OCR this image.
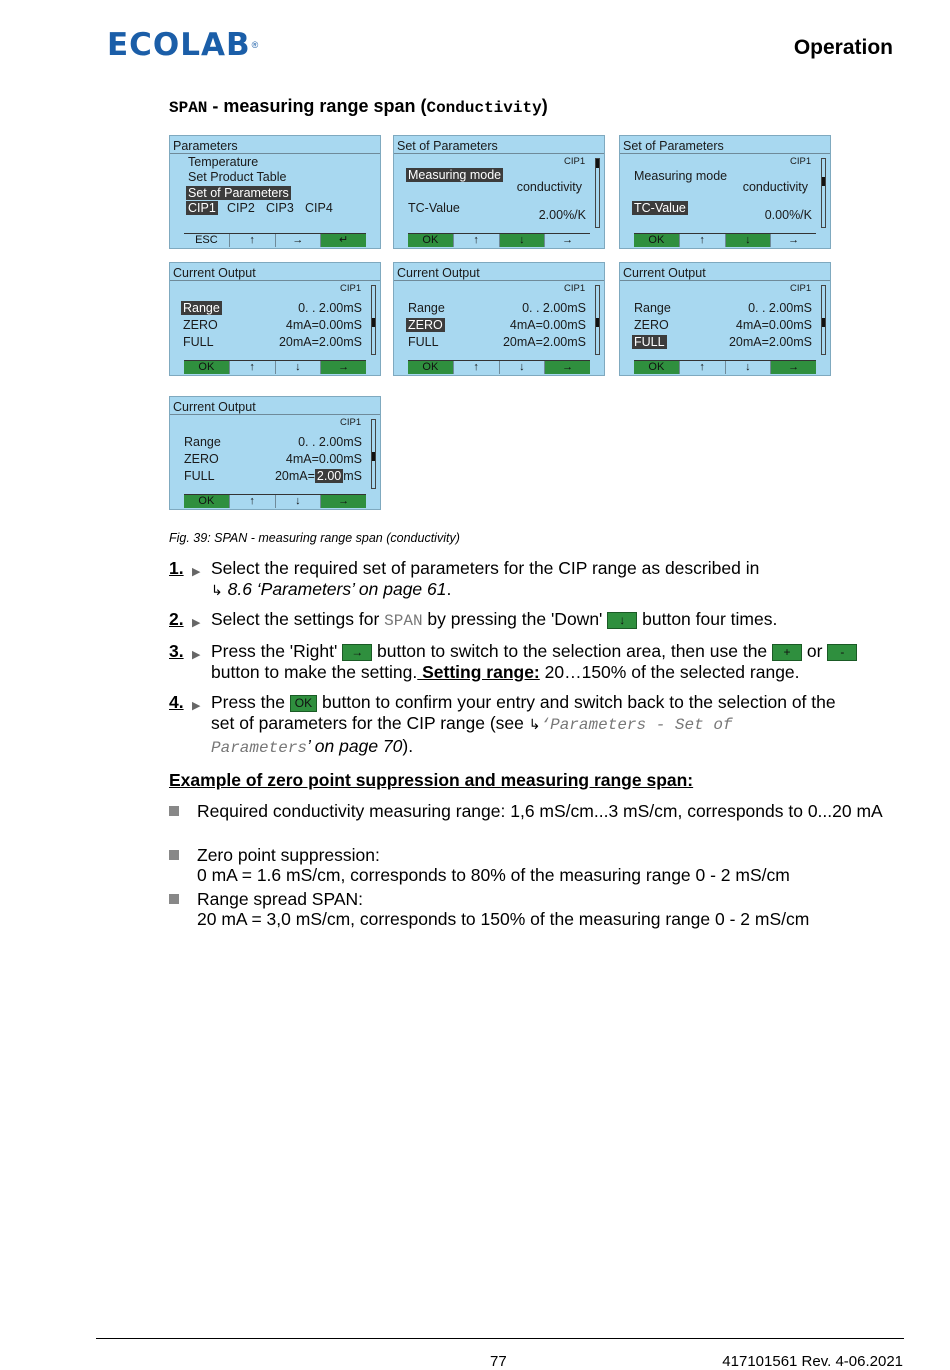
ECOLAB ®	Operation
SPAN - measuring range span (Conductivity)
Parameters
Temperature
Set Product Table
Set of Parameters
CIP1 CIP2 CIP3 CIP4
ESC	↑	→	↵
Set of Parameters
CIP1
Measuring mode
conductivity
TC-Value	2.00%/K
OK	↑	↓	→
Set of Parameters
CIP1
Measuring mode
conductivity
TC-Value	0.00%/K
OK	↑	↓	→
Current Output
CIP1
Range	0. . 2.00mS
ZERO	4mA=0.00mS
FULL	20mA=2.00mS
OK	↑	↓	→
Current Output
CIP1
Range	0. . 2.00mS
ZERO	4mA=0.00mS
FULL	20mA=2.00mS
OK	↑	↓	→
Current Output
CIP1
Range	0. . 2.00mS
ZERO	4mA=0.00mS
FULL	20mA=2.00mS
OK	↑	↓	→
Current Output
CIP1
Range	0. . 2.00mS
ZERO	4mA=0.00mS
FULL	20mA= 2.00 mS
OK	↑	↓	→
Fig. 39: SPAN - measuring range span (conductivity)
1. ▶ Select the required set of parameters for the CIP range as described in
↳ 8.6 ‘Parameters’ on page 61.
2. ▶ Select the settings for SPAN by pressing the 'Down' ↓ button four times.
3. ▶ Press the 'Right' → button to switch to the selection area, then use the + or -
button to make the setting. Setting range: 20…150% of the selected range.
4. ▶ Press the OK button to confirm your entry and switch back to the selection of the set of parameters for the CIP range (see ↳‘Parameters - Set of Parameters’ on page 70).
Example of zero point suppression and measuring range span:
Required conductivity measuring range: 1,6 mS/cm...3 mS/cm, corresponds to 0...20 mA
Zero point suppression:
0 mA = 1.6 mS/cm, corresponds to 80% of the measuring range 0 - 2 mS/cm
Range spread SPAN:
20 mA = 3,0 mS/cm, corresponds to 150% of the measuring range 0 - 2 mS/cm
77	417101561 Rev. 4-06.2021
